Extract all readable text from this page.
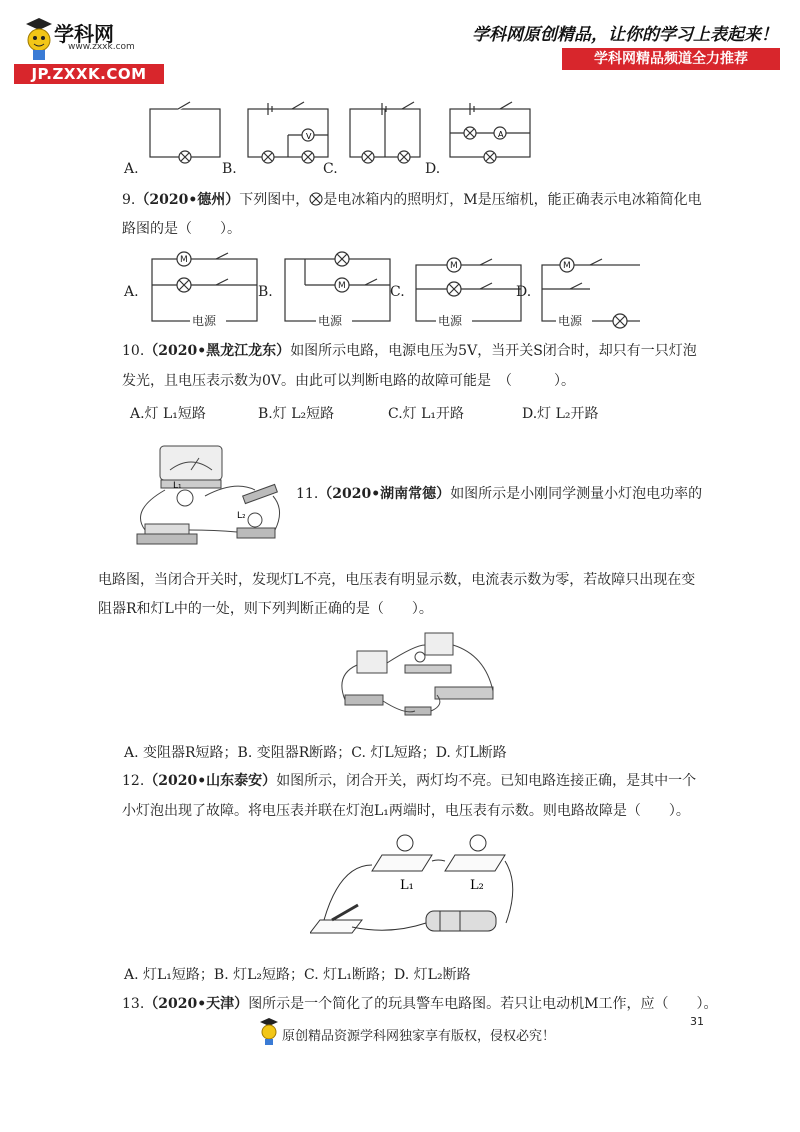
学科网
www.zxxk.com
JP.ZXXK.COM
学科网原创精品，让你的学习上表起来！
学科网精品频道全力推荐
V	A
A.	B.	C.	D.
9.（2020•德州）下列图中， 是电冰箱内的照明灯，M是压缩机，能正确表示电冰箱简化电
路图的是（　　）。
M
M
M	M
电源	电源	电源	电源
A.	B.	C.	D.
10.（2020•黑龙江龙东）如图所示电路，电源电压为5V，当开关S闭合时，却只有一只灯泡
发光，且电压表示数为0V。由此可以判断电路的故障可能是　（　　　）。
A.灯 L₁短路	B.灯 L₂短路	C.灯 L₁开路	D.灯 L₂开路
L₁
L₂
11.（2020•湖南常德）如图所示是小刚同学测量小灯泡电功率的
电路图，当闭合开关时，发现灯L不亮，电压表有明显示数，电流表示数为零，若故障只出现在变
阻器R和灯L中的一处，则下列判断正确的是（　　）。
A. 变阻器R短路；B. 变阻器R断路；C. 灯L短路；D. 灯L断路
12.（2020•山东泰安）如图所示，闭合开关，两灯均不亮。已知电路连接正确，是其中一个
小灯泡出现了故障。将电压表并联在灯泡L₁两端时，电压表有示数。则电路故障是（　　）。
L₁	L₂
A. 灯L₁短路；B. 灯L₂短路；C. 灯L₁断路；D. 灯L₂断路
13.（2020•天津）图所示是一个简化了的玩具警车电路图。若只让电动机M工作，应（　　）。
31
原创精品资源学科网独家享有版权，侵权必究！
